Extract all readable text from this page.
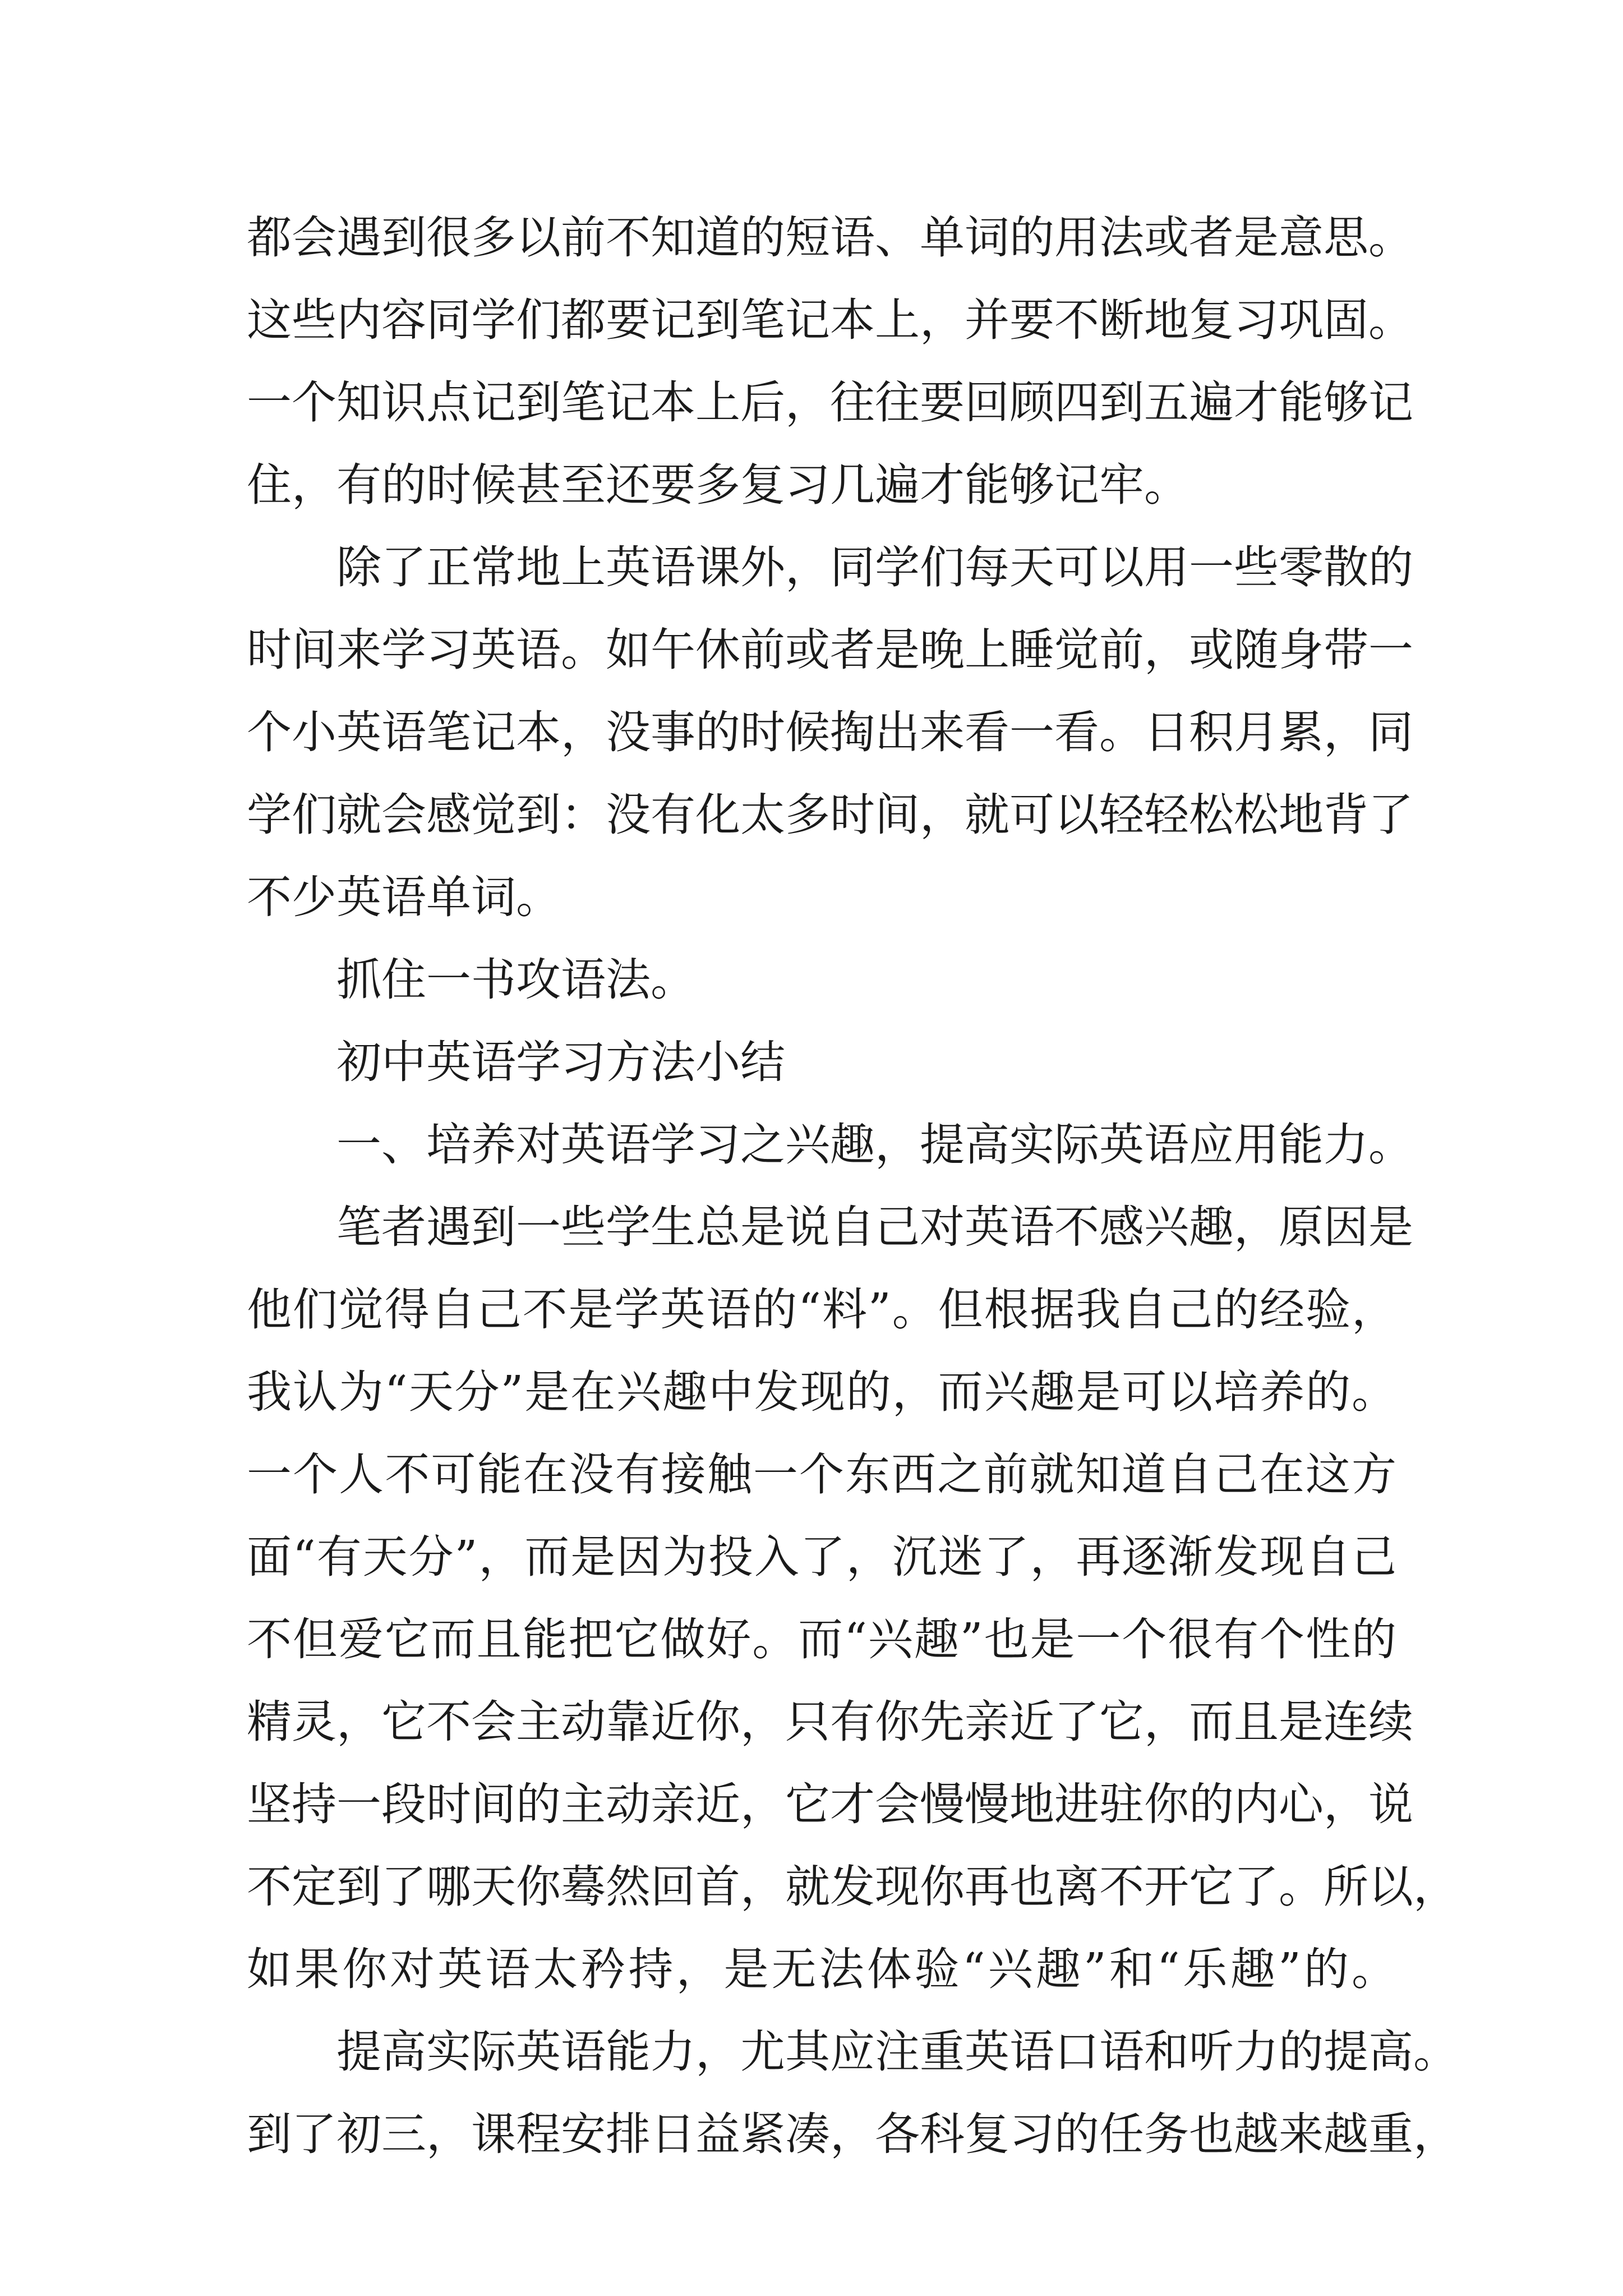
都会遇到很多以前不知道的短语、单词的用法或者是意思。
这些内容同学们都要记到笔记本上，并要不断地复习巩固。
一个知识点记到笔记本上后，往往要回顾四到五遍才能够记
住，有的时候甚至还要多复习几遍才能够记牢。
除了正常地上英语课外，同学们每天可以用一些零散的
时间来学习英语。如午休前或者是晚上睡觉前，或随身带一
个小英语笔记本，没事的时候掏出来看一看。日积月累，同
学们就会感觉到：没有化太多时间，就可以轻轻松松地背了
不少英语单词。
抓住一书攻语法。
初中英语学习方法小结
一、培养对英语学习之兴趣，提高实际英语应用能力。
笔者遇到一些学生总是说自己对英语不感兴趣，原因是
他们觉得自己不是学英语的“料”。但根据我自己的经验，
我认为“天分”是在兴趣中发现的，而兴趣是可以培养的。
一个人不可能在没有接触一个东西之前就知道自己在这方
面“有天分”，而是因为投入了，沉迷了，再逐渐发现自己
不但爱它而且能把它做好。而“兴趣”也是一个很有个性的
精灵，它不会主动靠近你，只有你先亲近了它，而且是连续
坚持一段时间的主动亲近，它才会慢慢地进驻你的内心，说
不定到了哪天你蓦然回首，就发现你再也离不开它了。所以，
如果你对英语太矜持，是无法体验“兴趣”和“乐趣”的。
提高实际英语能力，尤其应注重英语口语和听力的提高。
到了初三，课程安排日益紧凑，各科复习的任务也越来越重，
